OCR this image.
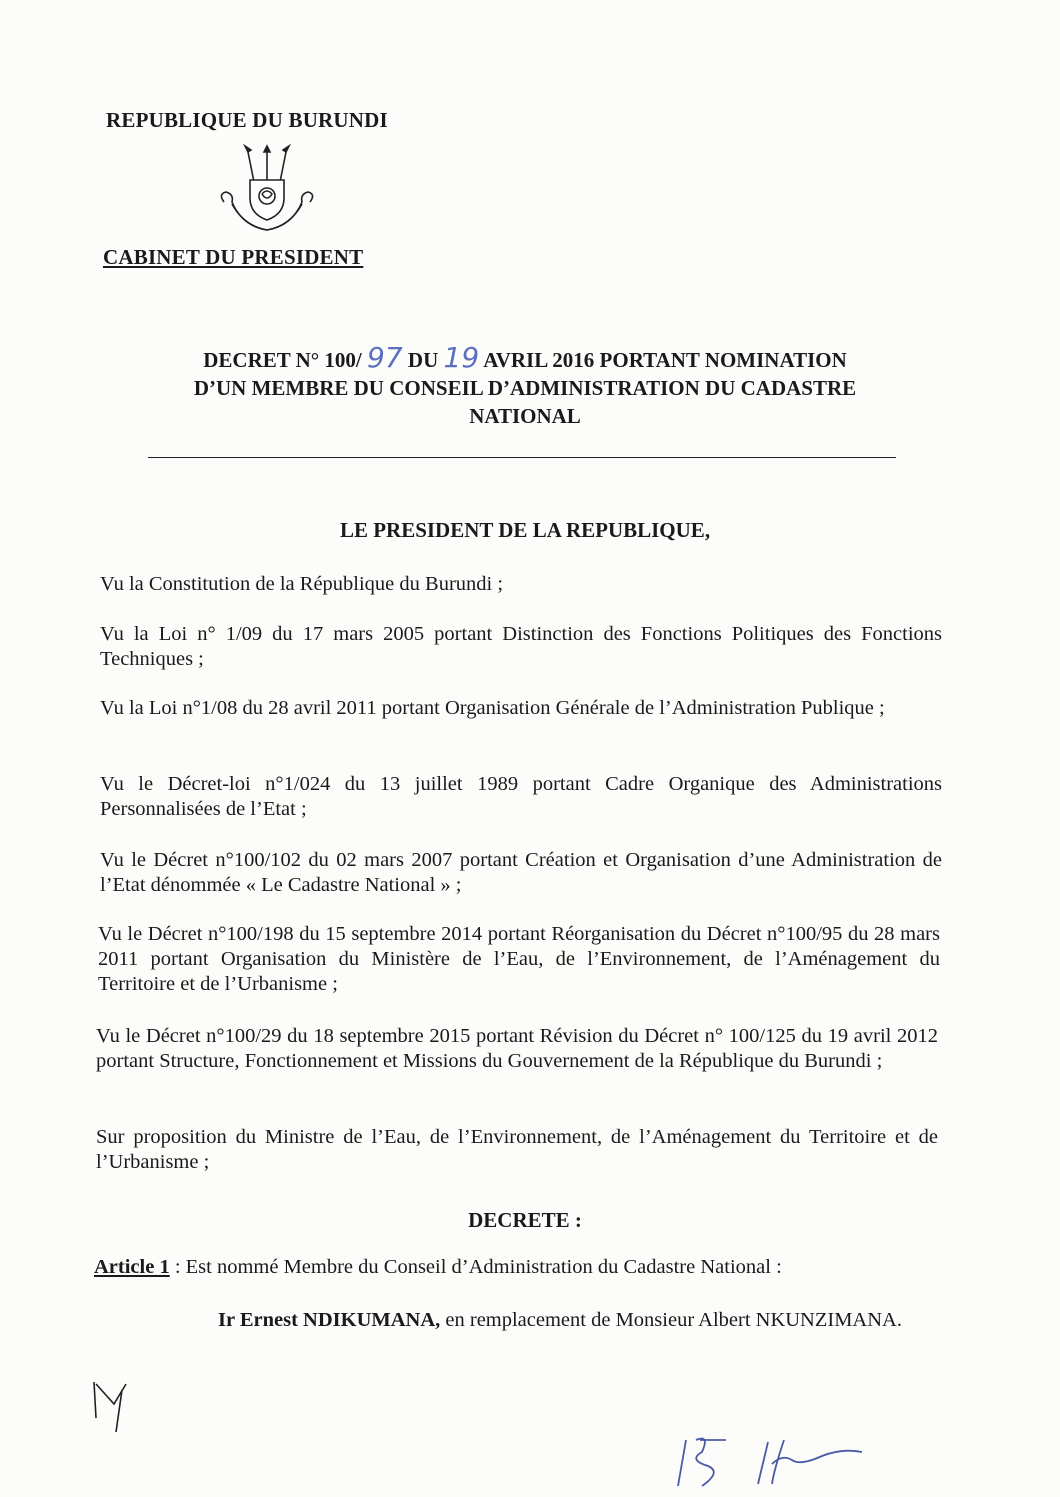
REPUBLIQUE DU BURUNDI
CABINET DU PRESIDENT
DECRET N° 100/ 97 DU 19 AVRIL 2016 PORTANT NOMINATION
D’UN MEMBRE DU CONSEIL D’ADMINISTRATION DU CADASTRE
NATIONAL
LE PRESIDENT DE LA REPUBLIQUE,
Vu la Constitution de la République du Burundi ;
Vu la Loi n° 1/09 du 17 mars 2005 portant Distinction des Fonctions Politiques des Fonctions Techniques ;
Vu la Loi n°1/08 du 28 avril 2011 portant Organisation Générale de l’Administration Publique ;
Vu le Décret-loi n°1/024 du 13 juillet 1989 portant Cadre Organique des Administrations Personnalisées de l’Etat ;
Vu le Décret n°100/102 du 02 mars 2007 portant Création et Organisation d’une Administration de l’Etat dénommée « Le Cadastre National » ;
Vu le Décret n°100/198 du 15 septembre 2014 portant Réorganisation du Décret n°100/95 du 28 mars 2011 portant Organisation du Ministère de l’Eau, de l’Environnement, de l’Aménagement du Territoire et de l’Urbanisme ;
Vu le Décret n°100/29 du 18 septembre 2015 portant Révision du Décret n° 100/125 du 19 avril 2012 portant Structure, Fonctionnement et Missions du Gouvernement de la République du Burundi ;
Sur proposition du Ministre de l’Eau, de l’Environnement, de l’Aménagement du Territoire et de l’Urbanisme ;
DECRETE :
Article 1 : Est nommé Membre du Conseil d’Administration du Cadastre National :
Ir Ernest NDIKUMANA, en remplacement de Monsieur Albert NKUNZIMANA.
